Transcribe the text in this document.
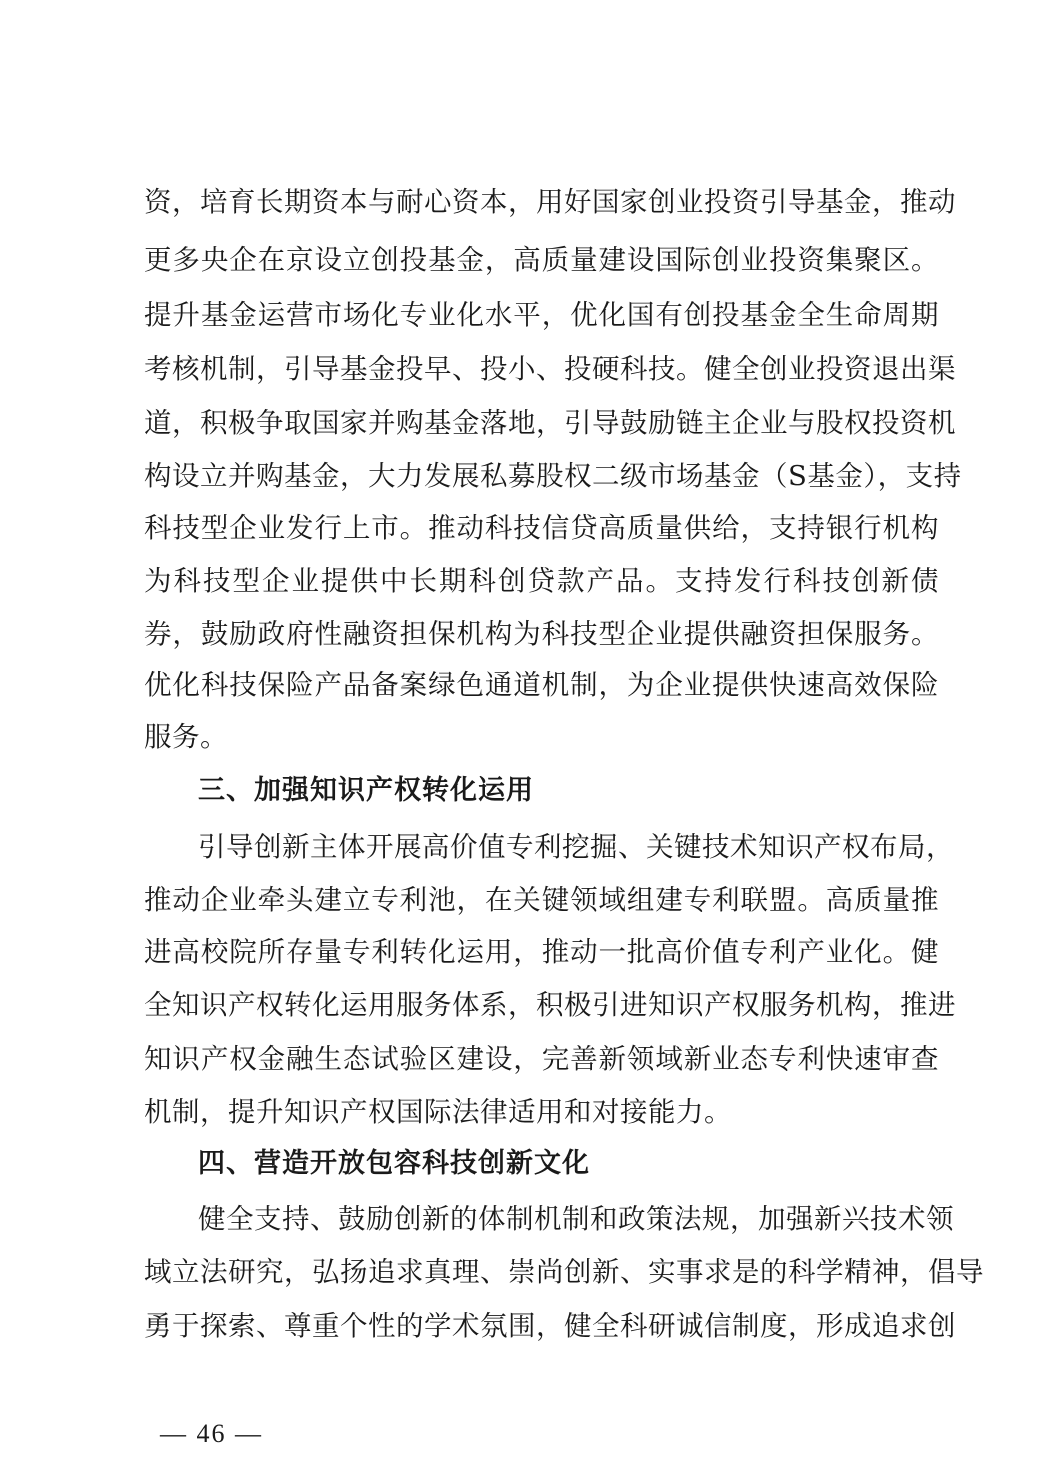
资，培育长期资本与耐心资本，用好国家创业投资引导基金，推动
更多央企在京设立创投基金，高质量建设国际创业投资集聚区。
提升基金运营市场化专业化水平，优化国有创投基金全生命周期
考核机制，引导基金投早、投小、投硬科技。健全创业投资退出渠
道，积极争取国家并购基金落地，引导鼓励链主企业与股权投资机
构设立并购基金，大力发展私募股权二级市场基金（S基金），支持
科技型企业发行上市。推动科技信贷高质量供给，支持银行机构
为科技型企业提供中长期科创贷款产品。支持发行科技创新债
券，鼓励政府性融资担保机构为科技型企业提供融资担保服务。
优化科技保险产品备案绿色通道机制，为企业提供快速高效保险
服务。
三、加强知识产权转化运用
引导创新主体开展高价值专利挖掘、关键技术知识产权布局，
推动企业牵头建立专利池，在关键领域组建专利联盟。高质量推
进高校院所存量专利转化运用，推动一批高价值专利产业化。健
全知识产权转化运用服务体系，积极引进知识产权服务机构，推进
知识产权金融生态试验区建设，完善新领域新业态专利快速审查
机制，提升知识产权国际法律适用和对接能力。
四、营造开放包容科技创新文化
健全支持、鼓励创新的体制机制和政策法规，加强新兴技术领
域立法研究，弘扬追求真理、崇尚创新、实事求是的科学精神，倡导
勇于探索、尊重个性的学术氛围，健全科研诚信制度，形成追求创
— 46 —
